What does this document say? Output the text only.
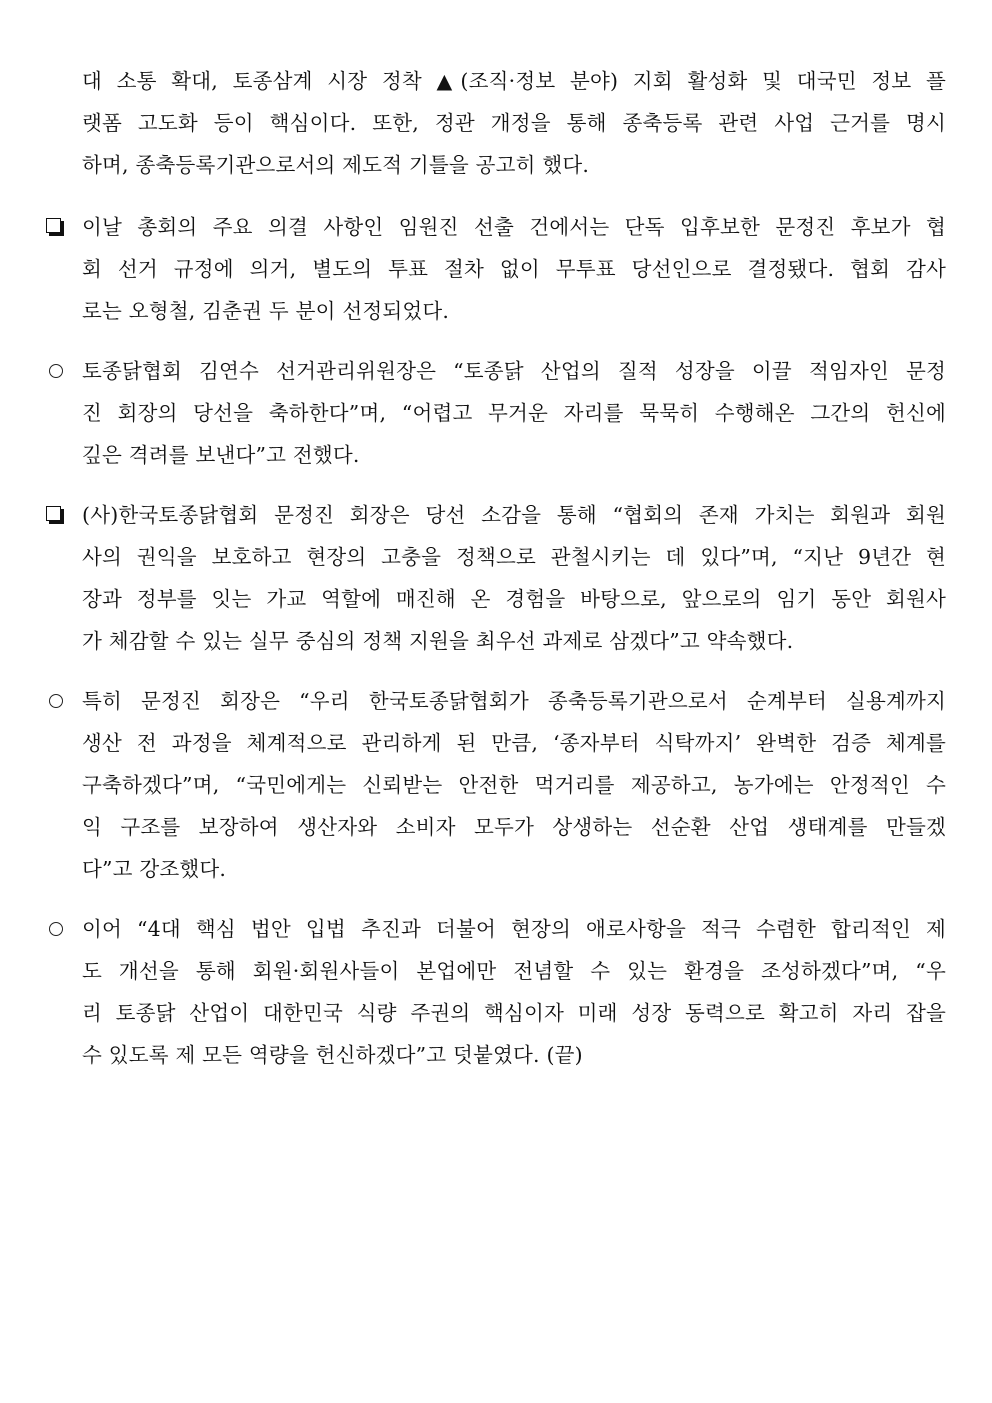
대 소통 확대, 토종삼계 시장 정착 ▲(조직·정보 분야) 지회 활성화 및 대국민 정보 플
랫폼 고도화 등이 핵심이다. 또한, 정관 개정을 통해 종축등록 관련 사업 근거를 명시
하며, 종축등록기관으로서의 제도적 기틀을 공고히 했다.
이날 총회의 주요 의결 사항인 임원진 선출 건에서는 단독 입후보한 문정진 후보가 협
회 선거 규정에 의거, 별도의 투표 절차 없이 무투표 당선인으로 결정됐다. 협회 감사
로는 오형철, 김춘권 두 분이 선정되었다.
토종닭협회 김연수 선거관리위원장은 “토종닭 산업의 질적 성장을 이끌 적임자인 문정
진 회장의 당선을 축하한다”며, “어렵고 무거운 자리를 묵묵히 수행해온 그간의 헌신에
깊은 격려를 보낸다”고 전했다.
(사)한국토종닭협회 문정진 회장은 당선 소감을 통해 “협회의 존재 가치는 회원과 회원
사의 권익을 보호하고 현장의 고충을 정책으로 관철시키는 데 있다”며, “지난 9년간 현
장과 정부를 잇는 가교 역할에 매진해 온 경험을 바탕으로, 앞으로의 임기 동안 회원사
가 체감할 수 있는 실무 중심의 정책 지원을 최우선 과제로 삼겠다”고 약속했다.
특히 문정진 회장은 “우리 한국토종닭협회가 종축등록기관으로서 순계부터 실용계까지
생산 전 과정을 체계적으로 관리하게 된 만큼, ‘종자부터 식탁까지’ 완벽한 검증 체계를
구축하겠다”며, “국민에게는 신뢰받는 안전한 먹거리를 제공하고, 농가에는 안정적인 수
익 구조를 보장하여 생산자와 소비자 모두가 상생하는 선순환 산업 생태계를 만들겠
다”고 강조했다.
이어 “4대 핵심 법안 입법 추진과 더불어 현장의 애로사항을 적극 수렴한 합리적인 제
도 개선을 통해 회원·회원사들이 본업에만 전념할 수 있는 환경을 조성하겠다”며, “우
리 토종닭 산업이 대한민국 식량 주권의 핵심이자 미래 성장 동력으로 확고히 자리 잡을
수 있도록 제 모든 역량을 헌신하겠다”고 덧붙였다. (끝)
